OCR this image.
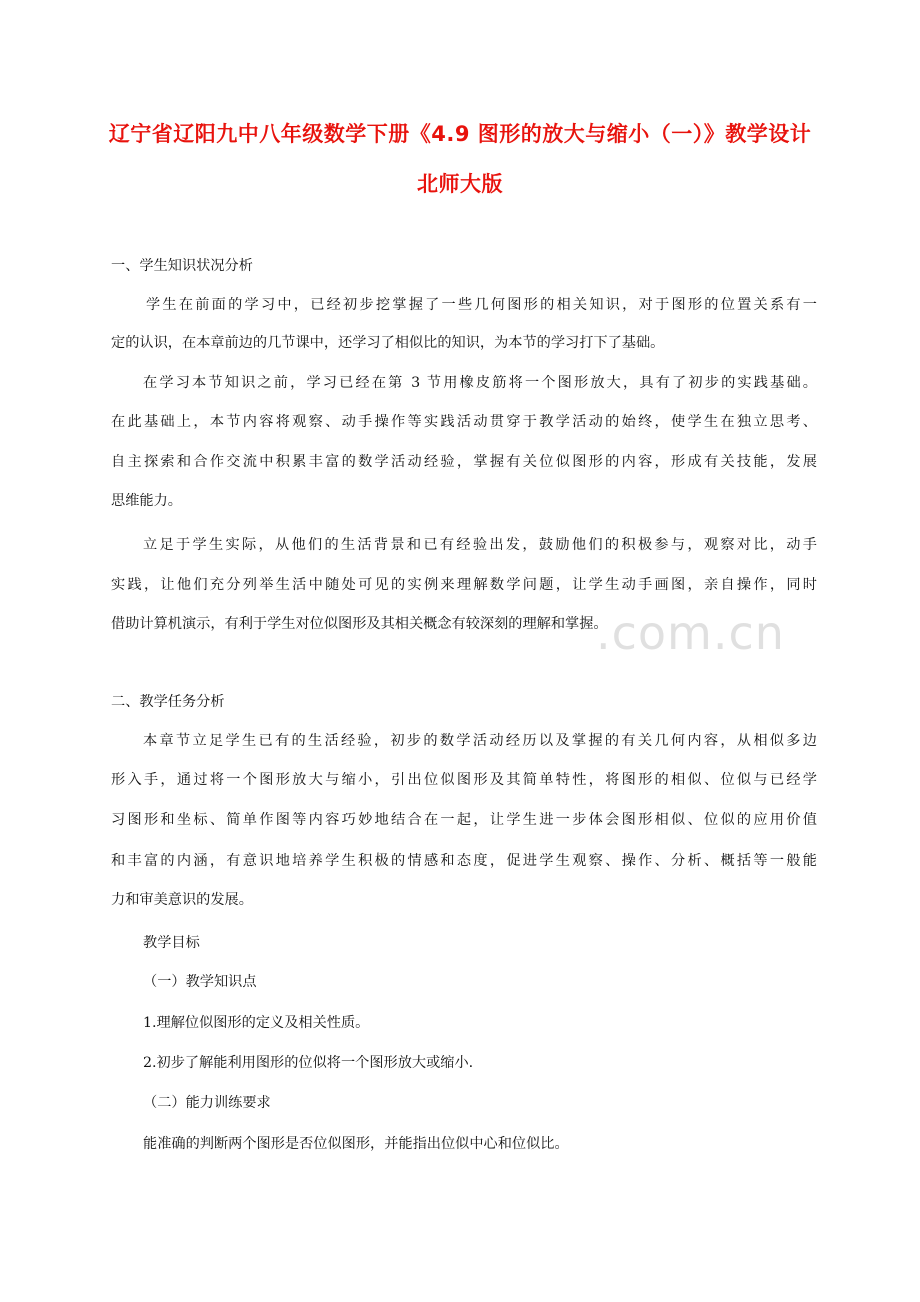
.com.cn
辽宁省辽阳九中八年级数学下册《4.9 图形的放大与缩小（一）》教学设计
北师大版
一、学生知识状况分析
学生在前面的学习中，已经初步挖掌握了一些几何图形的相关知识，对于图形的位置关系有一
定的认识，在本章前边的几节课中，还学习了相似比的知识，为本节的学习打下了基础。
在学习本节知识之前，学习已经在第 3 节用橡皮筋将一个图形放大，具有了初步的实践基础。
在此基础上，本节内容将观察、动手操作等实践活动贯穿于教学活动的始终，使学生在独立思考、
自主探索和合作交流中积累丰富的数学活动经验，掌握有关位似图形的内容，形成有关技能，发展
思维能力。
立足于学生实际，从他们的生活背景和已有经验出发，鼓励他们的积极参与，观察对比，动手
实践，让他们充分列举生活中随处可见的实例来理解数学问题，让学生动手画图，亲自操作，同时
借助计算机演示，有利于学生对位似图形及其相关概念有较深刻的理解和掌握。
二、教学任务分析
本章节立足学生已有的生活经验，初步的数学活动经历以及掌握的有关几何内容，从相似多边
形入手，通过将一个图形放大与缩小，引出位似图形及其简单特性，将图形的相似、位似与已经学
习图形和坐标、简单作图等内容巧妙地结合在一起，让学生进一步体会图形相似、位似的应用价值
和丰富的内涵，有意识地培养学生积极的情感和态度，促进学生观察、操作、分析、概括等一般能
力和审美意识的发展。
教学目标
（一）教学知识点
1.理解位似图形的定义及相关性质。
2.初步了解能利用图形的位似将一个图形放大或缩小.
（二）能力训练要求
能准确的判断两个图形是否位似图形，并能指出位似中心和位似比。
